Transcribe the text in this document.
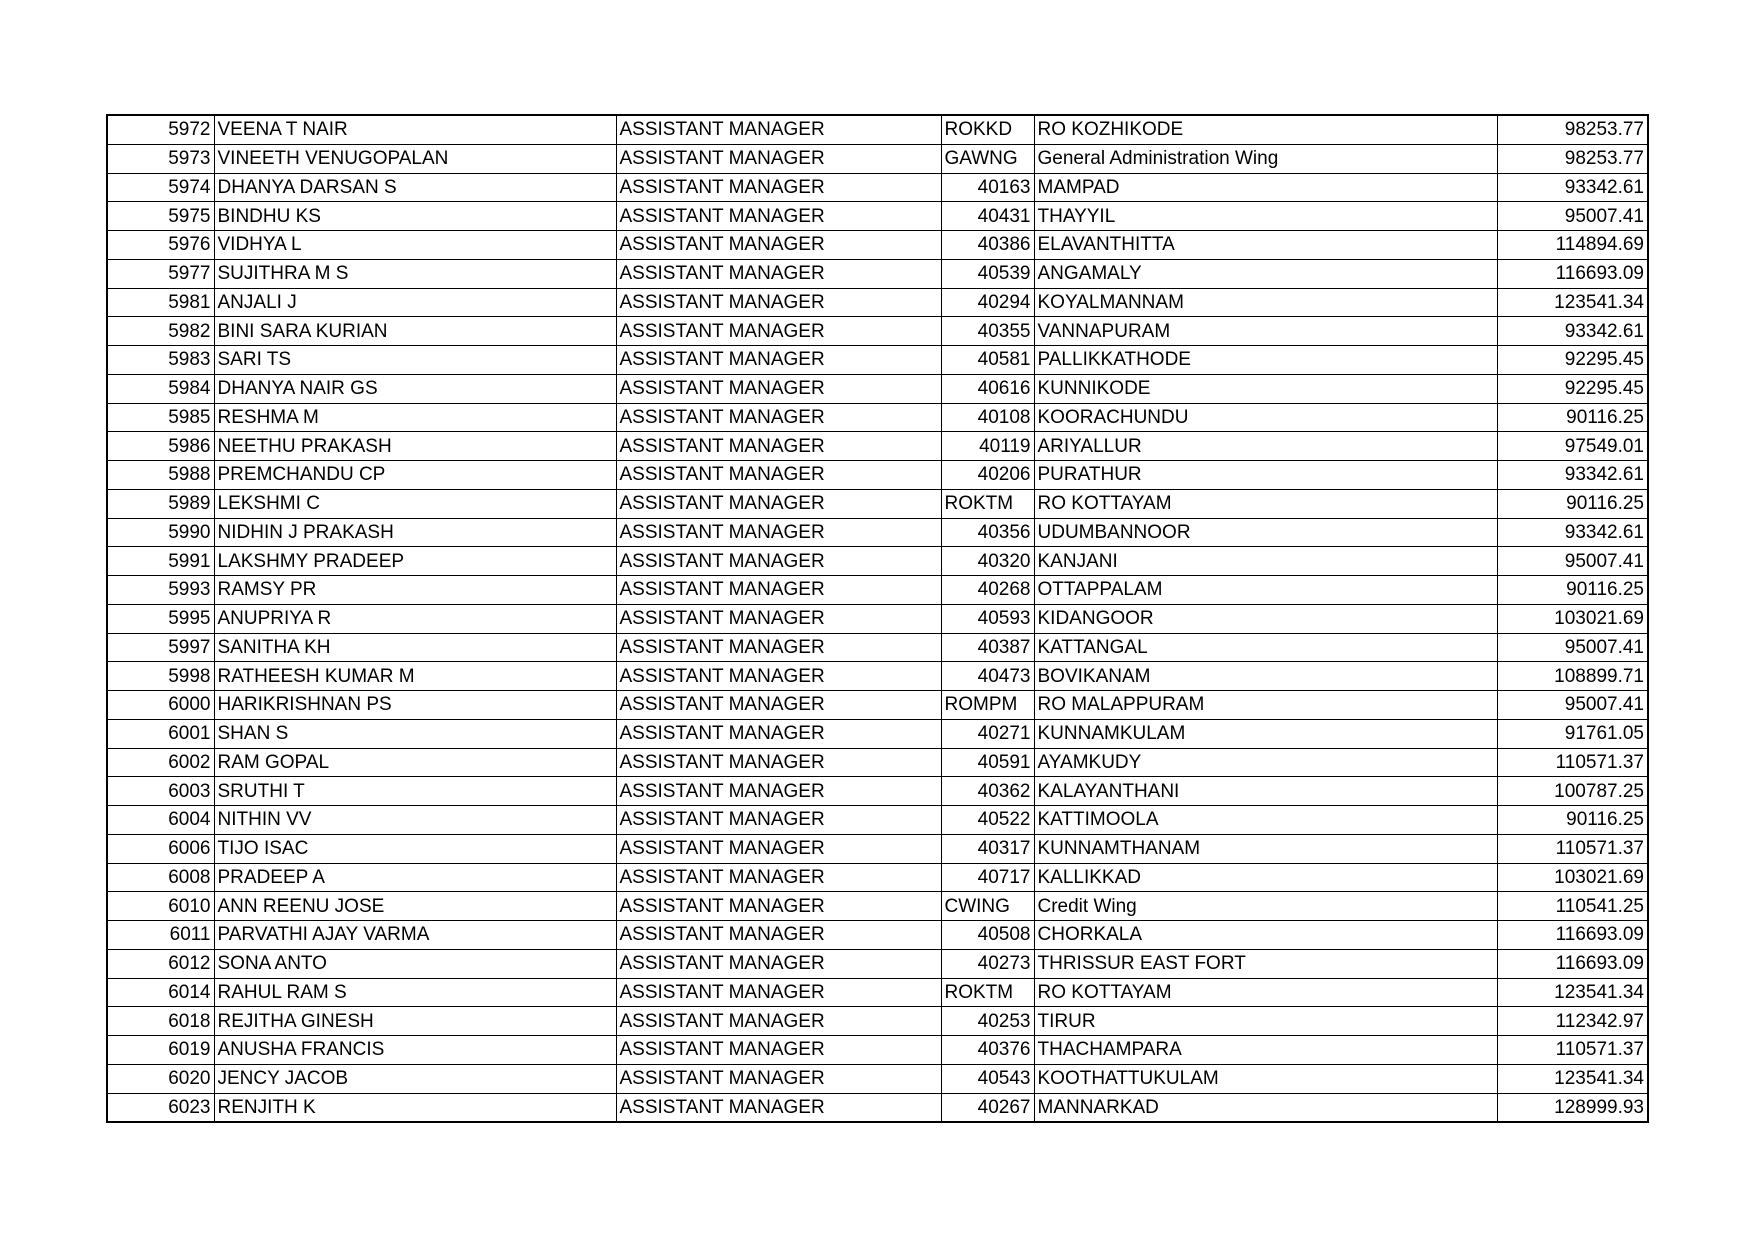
5972	VEENA T NAIR	ASSISTANT MANAGER	ROKKD	RO KOZHIKODE	98253.77
5973	VINEETH VENUGOPALAN	ASSISTANT MANAGER	GAWNG	General Administration Wing	98253.77
5974	DHANYA DARSAN S	ASSISTANT MANAGER	40163	MAMPAD	93342.61
5975	BINDHU KS	ASSISTANT MANAGER	40431	THAYYIL	95007.41
5976	VIDHYA L	ASSISTANT MANAGER	40386	ELAVANTHITTA	114894.69
5977	SUJITHRA M S	ASSISTANT MANAGER	40539	ANGAMALY	116693.09
5981	ANJALI J	ASSISTANT MANAGER	40294	KOYALMANNAM	123541.34
5982	BINI SARA KURIAN	ASSISTANT MANAGER	40355	VANNAPURAM	93342.61
5983	SARI TS	ASSISTANT MANAGER	40581	PALLIKKATHODE	92295.45
5984	DHANYA NAIR GS	ASSISTANT MANAGER	40616	KUNNIKODE	92295.45
5985	RESHMA M	ASSISTANT MANAGER	40108	KOORACHUNDU	90116.25
5986	NEETHU PRAKASH	ASSISTANT MANAGER	40119	ARIYALLUR	97549.01
5988	PREMCHANDU CP	ASSISTANT MANAGER	40206	PURATHUR	93342.61
5989	LEKSHMI C	ASSISTANT MANAGER	ROKTM	RO KOTTAYAM	90116.25
5990	NIDHIN J PRAKASH	ASSISTANT MANAGER	40356	UDUMBANNOOR	93342.61
5991	LAKSHMY PRADEEP	ASSISTANT MANAGER	40320	KANJANI	95007.41
5993	RAMSY PR	ASSISTANT MANAGER	40268	OTTAPPALAM	90116.25
5995	ANUPRIYA R	ASSISTANT MANAGER	40593	KIDANGOOR	103021.69
5997	SANITHA KH	ASSISTANT MANAGER	40387	KATTANGAL	95007.41
5998	RATHEESH KUMAR M	ASSISTANT MANAGER	40473	BOVIKANAM	108899.71
6000	HARIKRISHNAN PS	ASSISTANT MANAGER	ROMPM	RO MALAPPURAM	95007.41
6001	SHAN S	ASSISTANT MANAGER	40271	KUNNAMKULAM	91761.05
6002	RAM GOPAL	ASSISTANT MANAGER	40591	AYAMKUDY	110571.37
6003	SRUTHI T	ASSISTANT MANAGER	40362	KALAYANTHANI	100787.25
6004	NITHIN VV	ASSISTANT MANAGER	40522	KATTIMOOLA	90116.25
6006	TIJO ISAC	ASSISTANT MANAGER	40317	KUNNAMTHANAM	110571.37
6008	PRADEEP A	ASSISTANT MANAGER	40717	KALLIKKAD	103021.69
6010	ANN REENU JOSE	ASSISTANT MANAGER	CWING	Credit Wing	110541.25
6011	PARVATHI AJAY VARMA	ASSISTANT MANAGER	40508	CHORKALA	116693.09
6012	SONA ANTO	ASSISTANT MANAGER	40273	THRISSUR EAST FORT	116693.09
6014	RAHUL RAM S	ASSISTANT MANAGER	ROKTM	RO KOTTAYAM	123541.34
6018	REJITHA GINESH	ASSISTANT MANAGER	40253	TIRUR	112342.97
6019	ANUSHA FRANCIS	ASSISTANT MANAGER	40376	THACHAMPARA	110571.37
6020	JENCY JACOB	ASSISTANT MANAGER	40543	KOOTHATTUKULAM	123541.34
6023	RENJITH K	ASSISTANT MANAGER	40267	MANNARKAD	128999.93
